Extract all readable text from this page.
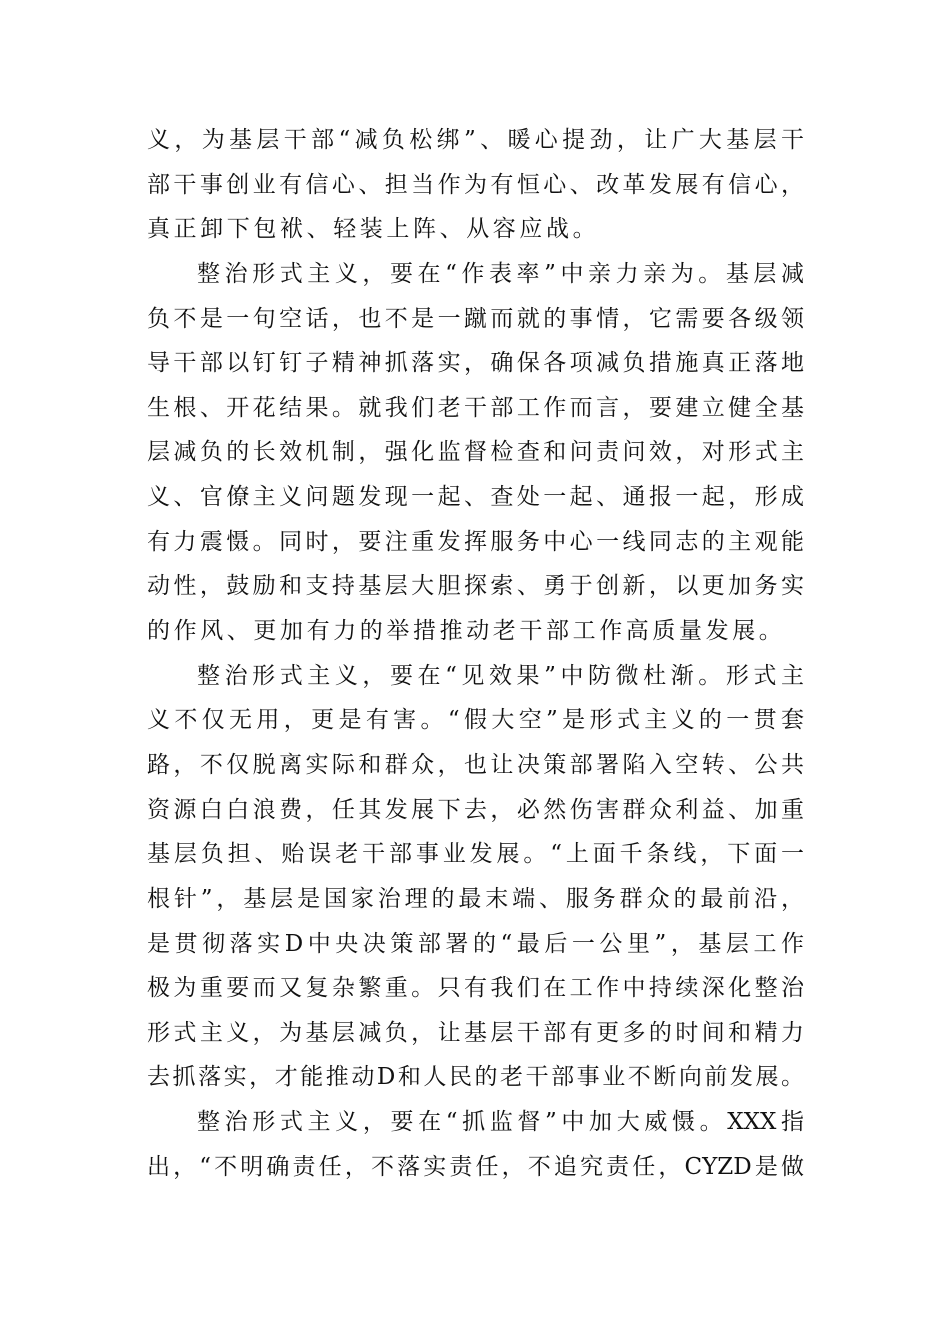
义，为基层干部“减负松绑”、暖心提劲，让广大基层干
部干事创业有信心、担当作为有恒心、改革发展有信心，
真正卸下包袱、轻装上阵、从容应战。
整治形式主义，要在“作表率”中亲力亲为。基层减
负不是一句空话，也不是一蹴而就的事情，它需要各级领
导干部以钉钉子精神抓落实，确保各项减负措施真正落地
生根、开花结果。就我们老干部工作而言，要建立健全基
层减负的长效机制，强化监督检查和问责问效，对形式主
义、官僚主义问题发现一起、查处一起、通报一起，形成
有力震慑。同时，要注重发挥服务中心一线同志的主观能
动性，鼓励和支持基层大胆探索、勇于创新，以更加务实
的作风、更加有力的举措推动老干部工作高质量发展。
整治形式主义，要在“见效果”中防微杜渐。形式主
义不仅无用，更是有害。“假大空”是形式主义的一贯套
路，不仅脱离实际和群众，也让决策部署陷入空转、公共
资源白白浪费，任其发展下去，必然伤害群众利益、加重
基层负担、贻误老干部事业发展。“上面千条线，下面一
根针”，基层是国家治理的最末端、服务群众的最前沿，
是贯彻落实D中央决策部署的“最后一公里”，基层工作
极为重要而又复杂繁重。只有我们在工作中持续深化整治
形式主义，为基层减负，让基层干部有更多的时间和精力
去抓落实，才能推动D和人民的老干部事业不断向前发展。
整治形式主义，要在“抓监督”中加大威慑。XXX指
出，“不明确责任，不落实责任，不追究责任，CYZD是做
